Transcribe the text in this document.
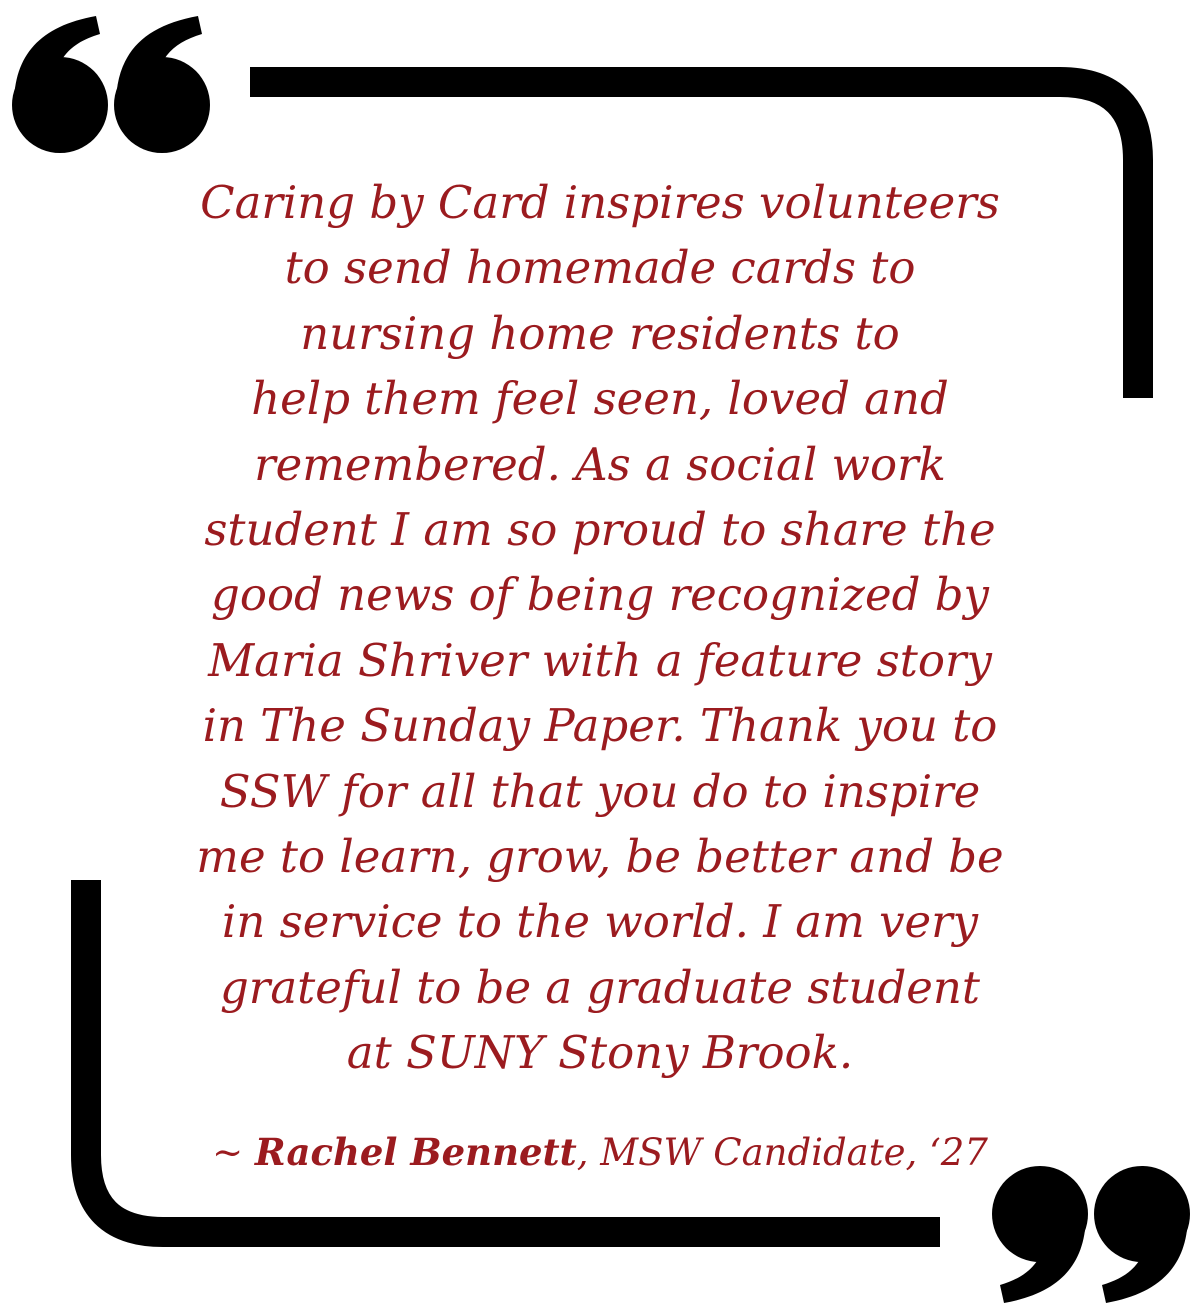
Caring by Card inspires volunteers
to send homemade cards to
nursing home residents to
help them feel seen, loved and
remembered. As a social work
student I am so proud to share the
good news of being recognized by
Maria Shriver with a feature story
in The Sunday Paper. Thank you to
SSW for all that you do to inspire
me to learn, grow, be better and be
in service to the world. I am very
grateful to be a graduate student
at SUNY Stony Brook.
~ Rachel Bennett, MSW Candidate, ‘27
